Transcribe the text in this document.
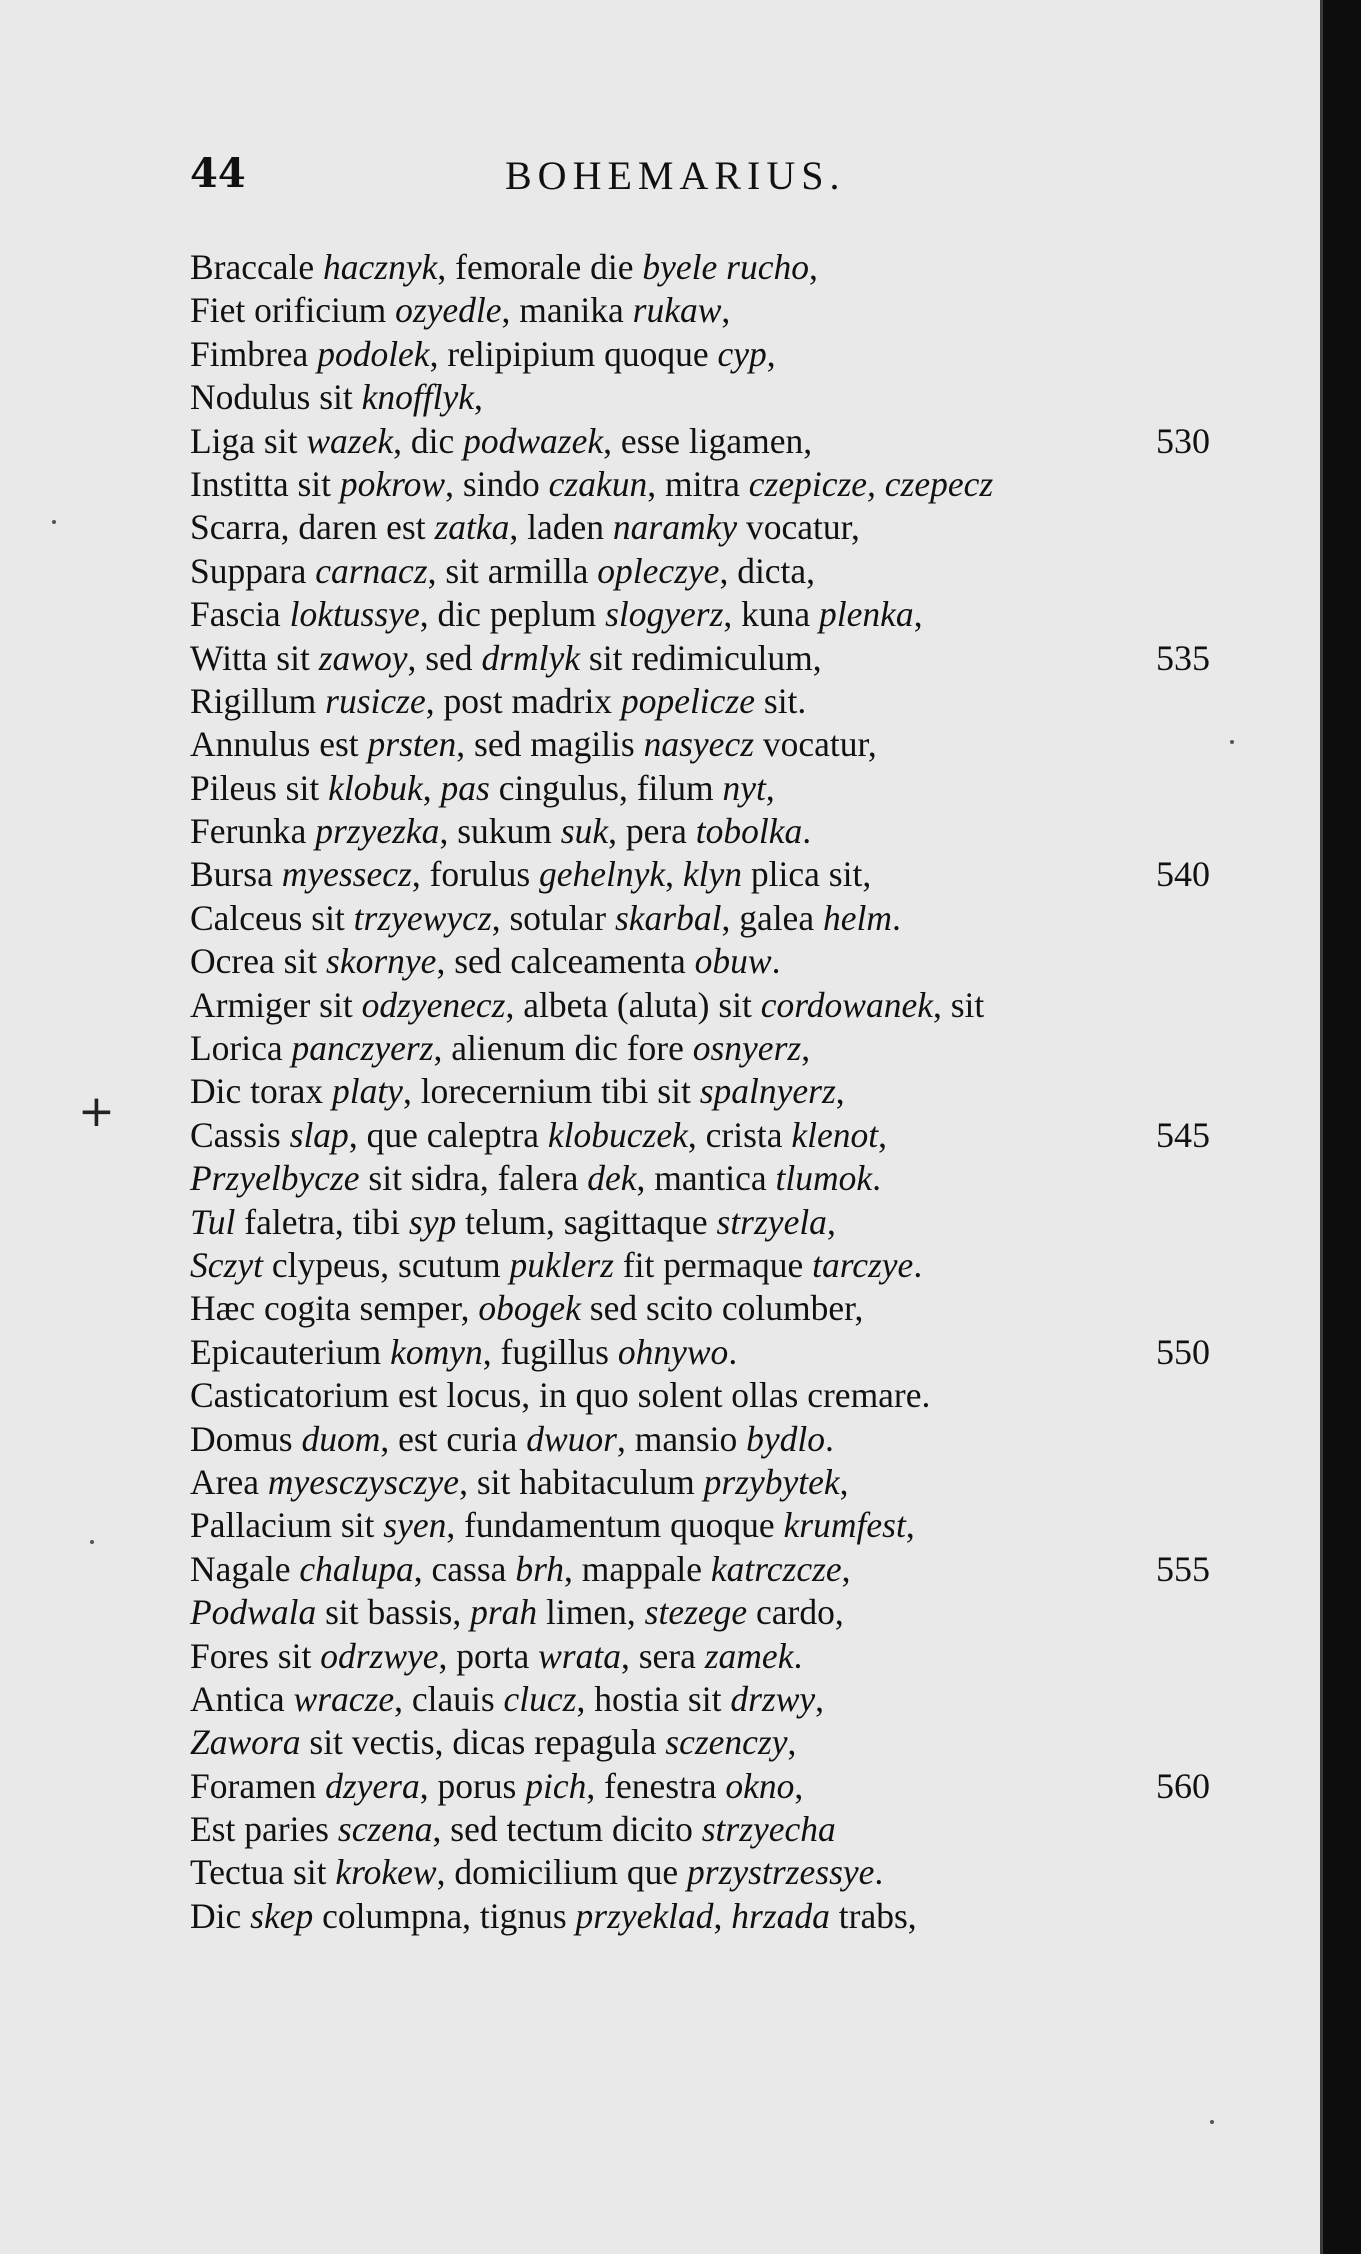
44	BOHEMARIUS.
Braccale hacznyk, femorale die byele rucho,
Fiet orificium ozyedle, manika rukaw,
Fimbrea podolek, relipipium quoque cyp,
Nodulus sit knofflyk,
Liga sit wazek, dic podwazek, esse ligamen,	530
Institta sit pokrow, sindo czakun, mitra czepicze, czepecz
Scarra, daren est zatka, laden naramky vocatur,
Suppara carnacz, sit armilla opleczye, dicta,
Fascia loktussye, dic peplum slogyerz, kuna plenka,
Witta sit zawoy, sed drmlyk sit redimiculum,	535
Rigillum rusicze, post madrix popelicze sit.
Annulus est prsten, sed magilis nasyecz vocatur,
Pileus sit klobuk, pas cingulus, filum nyt,
Ferunka przyezka, sukum suk, pera tobolka.
Bursa myessecz, forulus gehelnyk, klyn plica sit,	540
Calceus sit trzyewycz, sotular skarbal, galea helm.
Ocrea sit skornye, sed calceamenta obuw.
Armiger sit odzyenecz, albeta (aluta) sit cordowanek, sit
Lorica panczyerz, alienum dic fore osnyerz,
Dic torax platy, lorecernium tibi sit spalnyerz,
Cassis slap, que caleptra klobuczek, crista klenot,	545
Przyelbycze sit sidra, falera dek, mantica tlumok.
Tul faletra, tibi syp telum, sagittaque strzyela,
Sczyt clypeus, scutum puklerz fit permaque tarczye.
Hæc cogita semper, obogek sed scito columber,
Epicauterium komyn, fugillus ohnywo.	550
Casticatorium est locus, in quo solent ollas cremare.
Domus duom, est curia dwuor, mansio bydlo.
Area myesczysczye, sit habitaculum przybytek,
Pallacium sit syen, fundamentum quoque krumfest,
Nagale chalupa, cassa brh, mappale katrczcze,	555
Podwala sit bassis, prah limen, stezege cardo,
Fores sit odrzwye, porta wrata, sera zamek.
Antica wracze, clauis clucz, hostia sit drzwy,
Zawora sit vectis, dicas repagula sczenczy,
Foramen dzyera, porus pich, fenestra okno,	560
Est paries sczena, sed tectum dicito strzyecha
Tectua sit krokew, domicilium que przystrzessye.
Dic skep columpna, tignus przyeklad, hrzada trabs,
+
